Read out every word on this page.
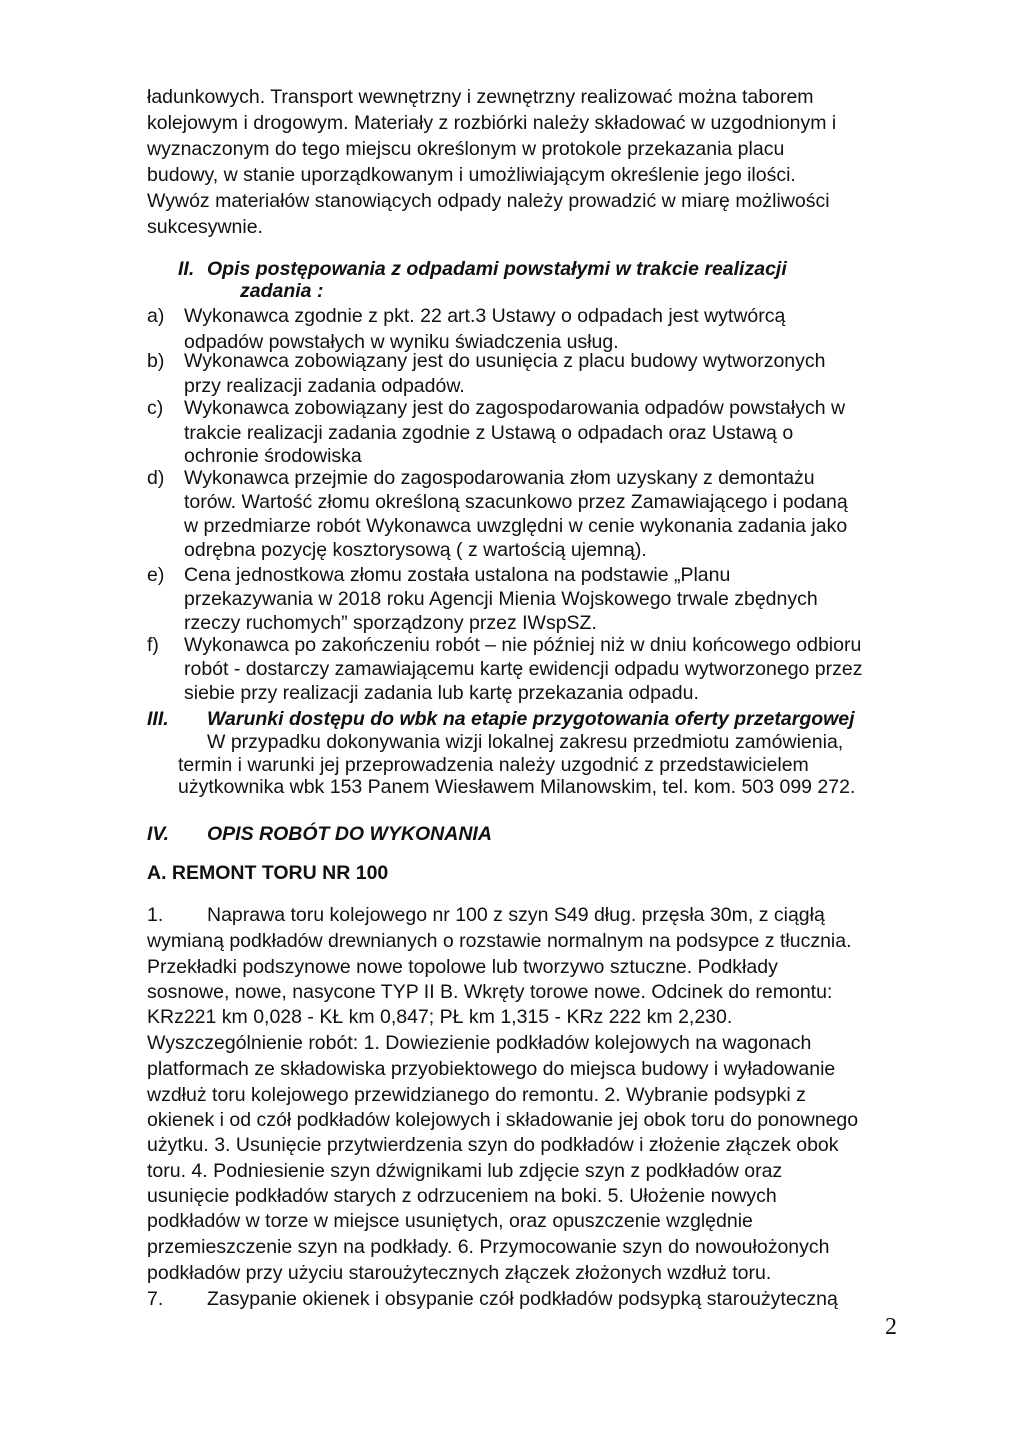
ładunkowych. Transport wewnętrzny i zewnętrzny realizować można taborem
kolejowym i drogowym. Materiały z rozbiórki należy składować w uzgodnionym i
wyznaczonym do tego miejscu określonym w protokole przekazania placu
budowy, w stanie uporządkowanym i umożliwiającym określenie jego ilości.
Wywóz materiałów stanowiących odpady należy prowadzić w miarę możliwości
sukcesywnie.
II. Opis postępowania z odpadami powstałymi w trakcie realizacji
zadania :
a) Wykonawca zgodnie z pkt. 22 art.3 Ustawy o odpadach jest wytwórcą
odpadów powstałych w wyniku świadczenia usług.
b) Wykonawca zobowiązany jest do usunięcia z placu budowy wytworzonych
przy realizacji zadania odpadów.
c) Wykonawca zobowiązany jest do zagospodarowania odpadów powstałych w
trakcie realizacji zadania zgodnie z Ustawą o odpadach oraz Ustawą o
ochronie środowiska
d) Wykonawca przejmie do zagospodarowania złom uzyskany z demontażu
torów. Wartość złomu określoną szacunkowo przez Zamawiającego i podaną
w przedmiarze robót Wykonawca uwzględni w cenie wykonania zadania jako
odrębna pozycję kosztorysową ( z wartością ujemną).
e) Cena jednostkowa złomu została ustalona na podstawie „Planu
przekazywania w 2018 roku Agencji Mienia Wojskowego trwale zbędnych
rzeczy ruchomych” sporządzony przez IWspSZ.
f) Wykonawca po zakończeniu robót – nie później niż w dniu końcowego odbioru
robót - dostarczy zamawiającemu kartę ewidencji odpadu wytworzonego przez
siebie przy realizacji zadania lub kartę przekazania odpadu.
III. Warunki dostępu do wbk na etapie przygotowania oferty przetargowej
W przypadku dokonywania wizji lokalnej zakresu przedmiotu zamówienia,
termin i warunki jej przeprowadzenia należy uzgodnić z przedstawicielem
użytkownika wbk 153 Panem Wiesławem Milanowskim, tel. kom. 503 099 272.
IV. OPIS ROBÓT DO WYKONANIA
A. REMONT TORU NR 100
1. Naprawa toru kolejowego nr 100 z szyn S49 dług. przęsła 30m, z ciągłą
wymianą podkładów drewnianych o rozstawie normalnym na podsypce z tłucznia.
Przekładki podszynowe nowe topolowe lub tworzywo sztuczne. Podkłady
sosnowe, nowe, nasycone TYP II B. Wkręty torowe nowe. Odcinek do remontu:
KRz221 km 0,028 - KŁ km 0,847; PŁ km 1,315 - KRz 222 km 2,230.
Wyszczególnienie robót: 1. Dowiezienie podkładów kolejowych na wagonach
platformach ze składowiska przyobiektowego do miejsca budowy i wyładowanie
wzdłuż toru kolejowego przewidzianego do remontu. 2. Wybranie podsypki z
okienek i od czół podkładów kolejowych i składowanie jej obok toru do ponownego
użytku. 3. Usunięcie przytwierdzenia szyn do podkładów i złożenie złączek obok
toru. 4. Podniesienie szyn dźwignikami lub zdjęcie szyn z podkładów oraz
usunięcie podkładów starych z odrzuceniem na boki. 5. Ułożenie nowych
podkładów w torze w miejsce usuniętych, oraz opuszczenie względnie
przemieszczenie szyn na podkłady. 6. Przymocowanie szyn do nowoułożonych
podkładów przy użyciu staroużytecznych złączek złożonych wzdłuż toru.
7. Zasypanie okienek i obsypanie czół podkładów podsypką staroużyteczną
2
